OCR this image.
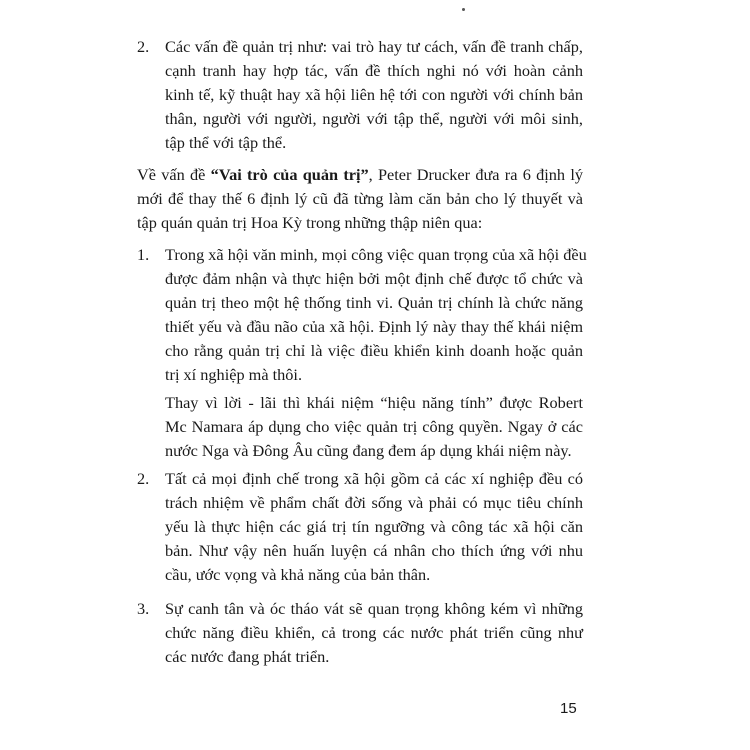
2. Các vấn đề quản trị như: vai trò hay tư cách, vấn đề tranh chấp,
cạnh tranh hay hợp tác, vấn đề thích nghi nó với hoàn cảnh
kinh tế, kỹ thuật hay xã hội liên hệ tới con người với chính bản
thân, người với người, người với tập thể, người với môi sinh,
tập thể với tập thể.
Về vấn đề “Vai trò của quản trị”, Peter Drucker đưa ra 6 định lý
mới để thay thế 6 định lý cũ đã từng làm căn bản cho lý thuyết và
tập quán quản trị Hoa Kỳ trong những thập niên qua:
1. Trong xã hội văn minh, mọi công việc quan trọng của xã hội đều
được đảm nhận và thực hiện bởi một định chế được tổ chức và
quản trị theo một hệ thống tinh vi. Quản trị chính là chức năng
thiết yếu và đầu não của xã hội. Định lý này thay thế khái niệm
cho rằng quản trị chỉ là việc điều khiển kinh doanh hoặc quản
trị xí nghiệp mà thôi.
Thay vì lời - lãi thì khái niệm “hiệu năng tính” được Robert
Mc Namara áp dụng cho việc quản trị công quyền. Ngay ở các
nước Nga và Đông Âu cũng đang đem áp dụng khái niệm này.
2. Tất cả mọi định chế trong xã hội gồm cả các xí nghiệp đều có
trách nhiệm về phẩm chất đời sống và phải có mục tiêu chính
yếu là thực hiện các giá trị tín ngưỡng và công tác xã hội căn
bản. Như vậy nên huấn luyện cá nhân cho thích ứng với nhu
cầu, ước vọng và khả năng của bản thân.
3. Sự canh tân và óc tháo vát sẽ quan trọng không kém vì những
chức năng điều khiển, cả trong các nước phát triển cũng như
các nước đang phát triển.
15
